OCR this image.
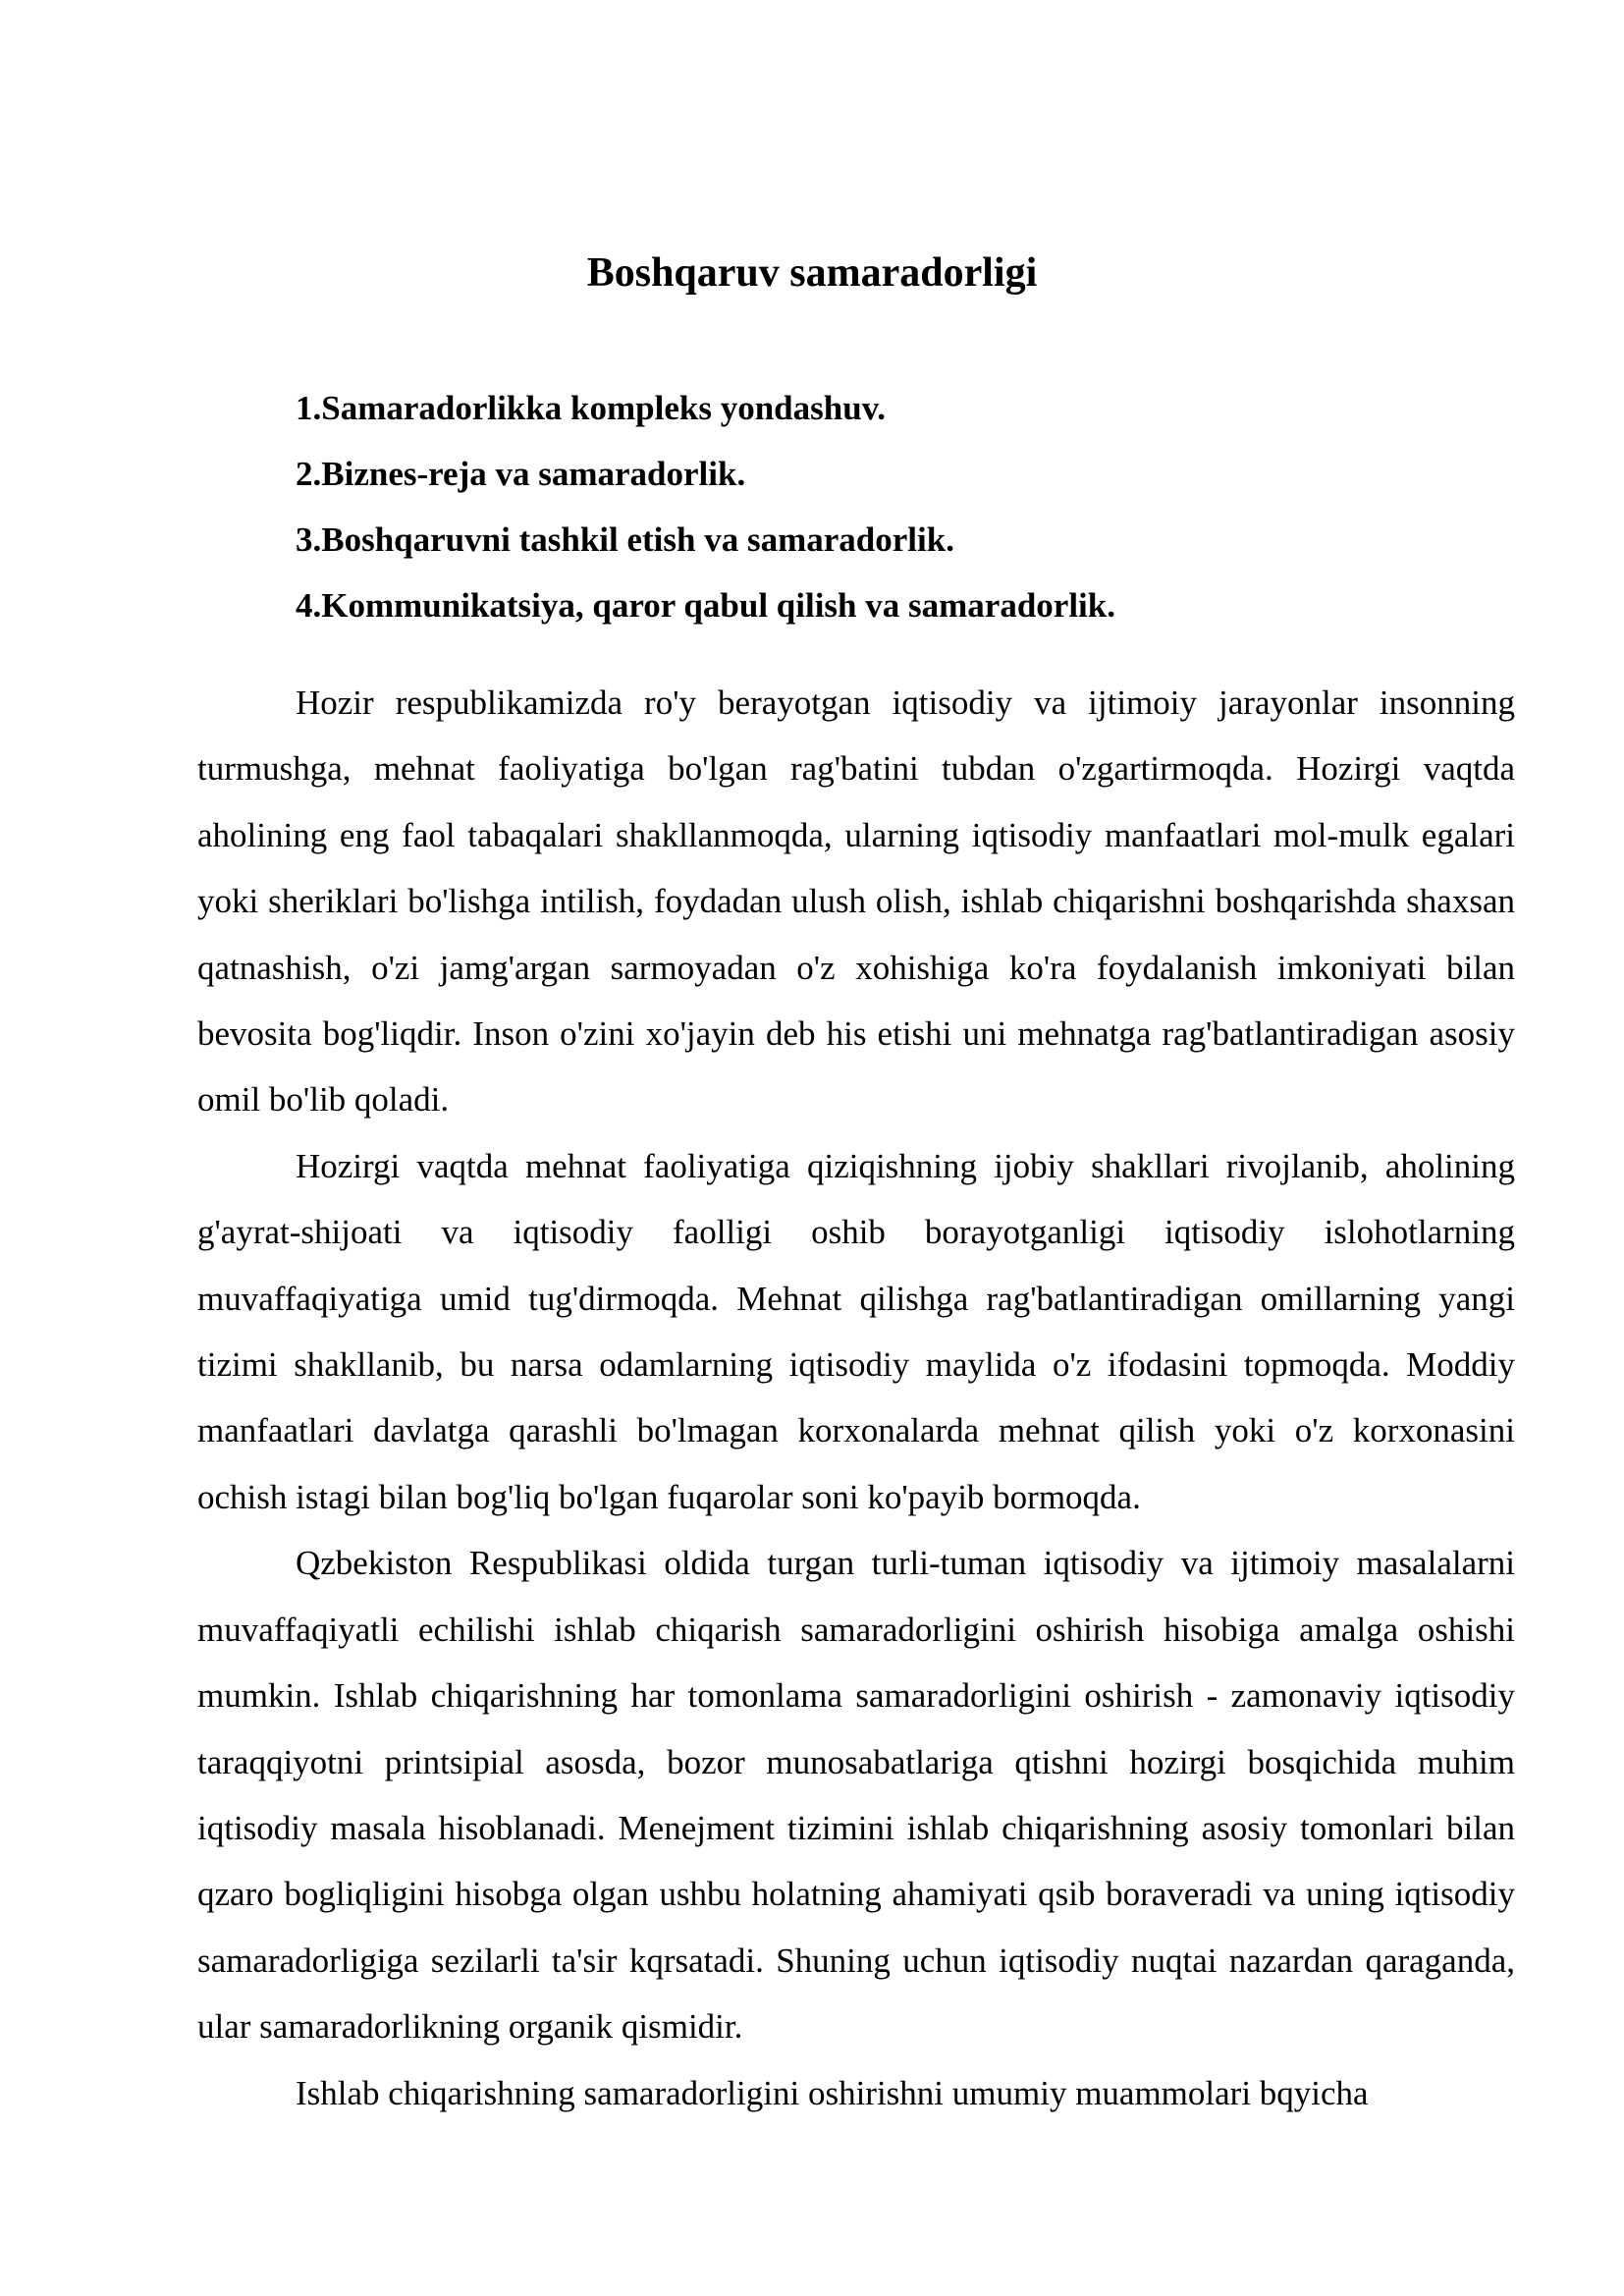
Boshqaruv samaradorligi
1.Samaradorlikka kompleks yondashuv.
2.Biznes-reja va samaradorlik.
3.Boshqaruvni tashkil etish va samaradorlik.
4.Kommunikatsiya, qaror qabul qilish va samaradorlik.

Hozir respublikamizda ro'y berayotgan iqtisodiy va ijtimoiy jarayonlar insonning turmushga, mehnat faoliyatiga bo'lgan rag'batini tubdan o'zgartirmoqda. Hozirgi vaqtda aholining eng faol tabaqalari shakllanmoqda, ularning iqtisodiy manfaatlari mol-mulk egalari yoki sheriklari bo'lishga intilish, foydadan ulush olish, ishlab chiqarishni boshqarishda shaxsan qatnashish, o'zi jamg'argan sarmoyadan o'z xohishiga ko'ra foydalanish imkoniyati bilan bevosita bog'liqdir. Inson o'zini xo'jayin deb his etishi uni mehnatga rag'batlantiradigan asosiy omil bo'lib qoladi.

Hozirgi vaqtda mehnat faoliyatiga qiziqishning ijobiy shakllari rivojlanib, aholining g'ayrat-shijoati va iqtisodiy faolligi oshib borayotganligi iqtisodiy islohotlarning muvaffaqiyatiga umid tug'dirmoqda. Mehnat qilishga rag'batlantiradigan omillarning yangi tizimi shakllanib, bu narsa odamlarning iqtisodiy maylida o'z ifodasini topmoqda. Moddiy manfaatlari davlatga qarashli bo'lmagan korxonalarda mehnat qilish yoki o'z korxonasini ochish istagi bilan bog'liq bo'lgan fuqarolar soni ko'payib bormoqda.

Qzbekiston Respublikasi oldida turgan turli-tuman iqtisodiy va ijtimoiy masalalarni muvaffaqiyatli echilishi ishlab chiqarish samaradorligini oshirish hisobiga amalga oshishi mumkin. Ishlab chiqarishning har tomonlama samaradorligini oshirish - zamonaviy iqtisodiy taraqqiyotni printsipial asosda, bozor munosabatlariga qtishni hozirgi bosqichida muhim iqtisodiy masala hisoblanadi. Menejment tizimini ishlab chiqarishning asosiy tomonlari bilan qzaro bogliqligini hisobga olgan ushbu holatning ahamiyati qsib boraveradi va uning iqtisodiy samaradorligiga sezilarli ta'sir kqrsatadi. Shuning uchun iqtisodiy nuqtai nazardan qaraganda, ular samaradorlikning organik qismidir.

Ishlab chiqarishning samaradorligini oshirishni umumiy muammolari bqyicha
